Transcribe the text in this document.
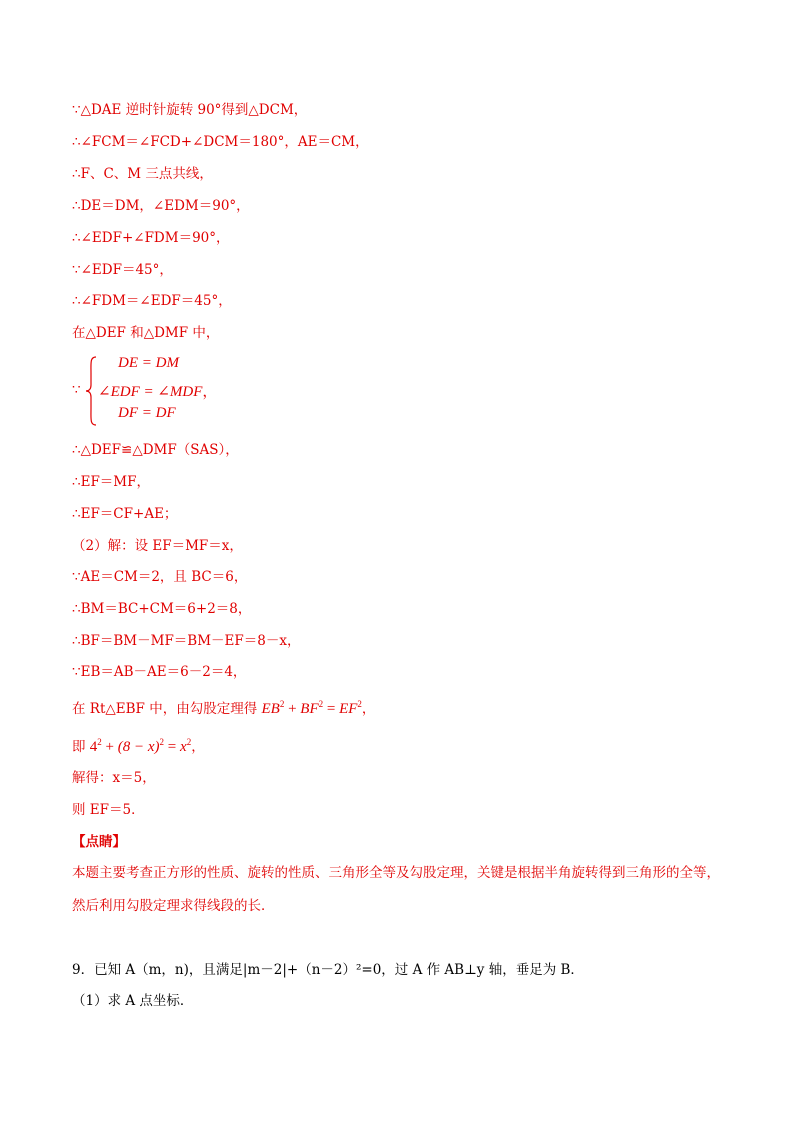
∵△DAE 逆时针旋转 90°得到△DCM，
∴∠FCM＝∠FCD+∠DCM＝180°，AE＝CM，
∴F、C、M 三点共线，
∴DE＝DM，∠EDM＝90°，
∴∠EDF+∠FDM＝90°，
∵∠EDF＝45°，
∴∠FDM＝∠EDF＝45°，
在△DEF 和△DMF 中，
∵
DE = DM
∠EDF = ∠MDF，
DF = DF
∴△DEF≌△DMF（SAS），
∴EF＝MF，
∴EF＝CF+AE；
（2）解：设 EF＝MF＝x，
∵AE＝CM＝2，且 BC＝6，
∴BM＝BC+CM＝6+2＝8，
∴BF＝BM－MF＝BM－EF＝8－x，
∵EB＝AB－AE＝6－2＝4，
在 Rt△EBF 中，由勾股定理得 $EB^2 + BF^2 = EF^2$，
即 $4^2 + (8 - x)^2 = x^2$，
解得：x＝5，
则 EF＝5．
【点睛】
本题主要考查正方形的性质、旋转的性质、三角形全等及勾股定理，关键是根据半角旋转得到三角形的全等，然后利用勾股定理求得线段的长．
9．已知 A（m，n)，且满足|m－2|+（n－2）²=0，过 A 作 AB⊥y 轴，垂足为 B．
（1）求 A 点坐标．
